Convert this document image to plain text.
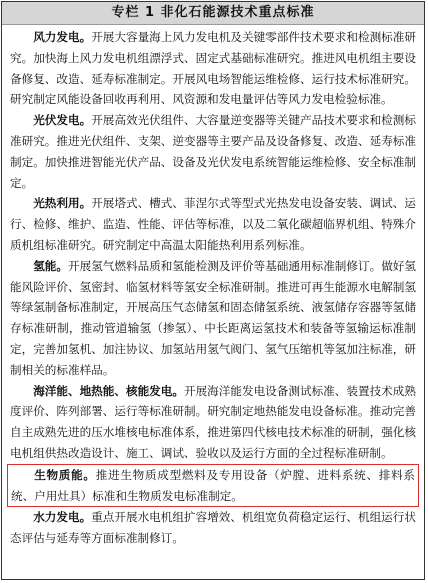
专栏 1 非化石能源技术重点标准

风力发电。开展大容量海上风力发电机及关键零部件技术要求和检测标准研究。加快海上风力发电机组漂浮式、固定式基础标准研究。推进风电机组主要设备修复、改造、延寿标准制定。开展风电场智能运维检修、运行技术标准研究。研究制定风能设备回收再利用、风资源和发电量评估等风力发电检验标准。

光伏发电。开展高效光伏组件、大容量逆变器等关键产品技术要求和检测标准研究。推进光伏组件、支架、逆变器等主要产品及设备修复、改造、延寿标准制定。加快推进智能光伏产品、设备及光伏发电系统智能运维检修、安全标准制定。

光热利用。开展塔式、槽式、菲涅尔式等型式光热发电设备安装、调试、运行、检修、维护、监造、性能、评估等标准，以及二氧化碳超临界机组、特殊介质机组标准研究。研究制定中高温太阳能热利用系列标准。

氢能。开展氢气燃料品质和氢能检测及评价等基础通用标准制修订。做好氢能风险评价、氢密封、临氢材料等氢安全标准研制。推进可再生能源水电解制氢等绿氢制备标准制定，开展高压气态储氢和固态储氢系统、液氢储存容器等氢储存标准研制，推动管道输氢（掺氢）、中长距离运氢技术和装备等氢输运标准制定，完善加氢机、加注协议、加氢站用氢气阀门、氢气压缩机等氢加注标准，研制相关的标准样品。

海洋能、地热能、核能发电。开展海洋能发电设备测试标准、装置技术成熟度评价、阵列部署、运行等标准研制。研究制定地热能发电设备标准。推动完善自主成熟先进的压水堆核电标准体系，推进第四代核电技术标准的研制，强化核电机组供热改造设计、施工、调试、验收以及运行方面的全过程标准研制。

生物质能。推进生物质成型燃料及专用设备（炉膛、进料系统、排料系统、户用灶具）标准和生物质发电标准制定。

水力发电。重点开展水电机组扩容增效、机组宽负荷稳定运行、机组运行状态评估与延寿等方面标准制修订。
